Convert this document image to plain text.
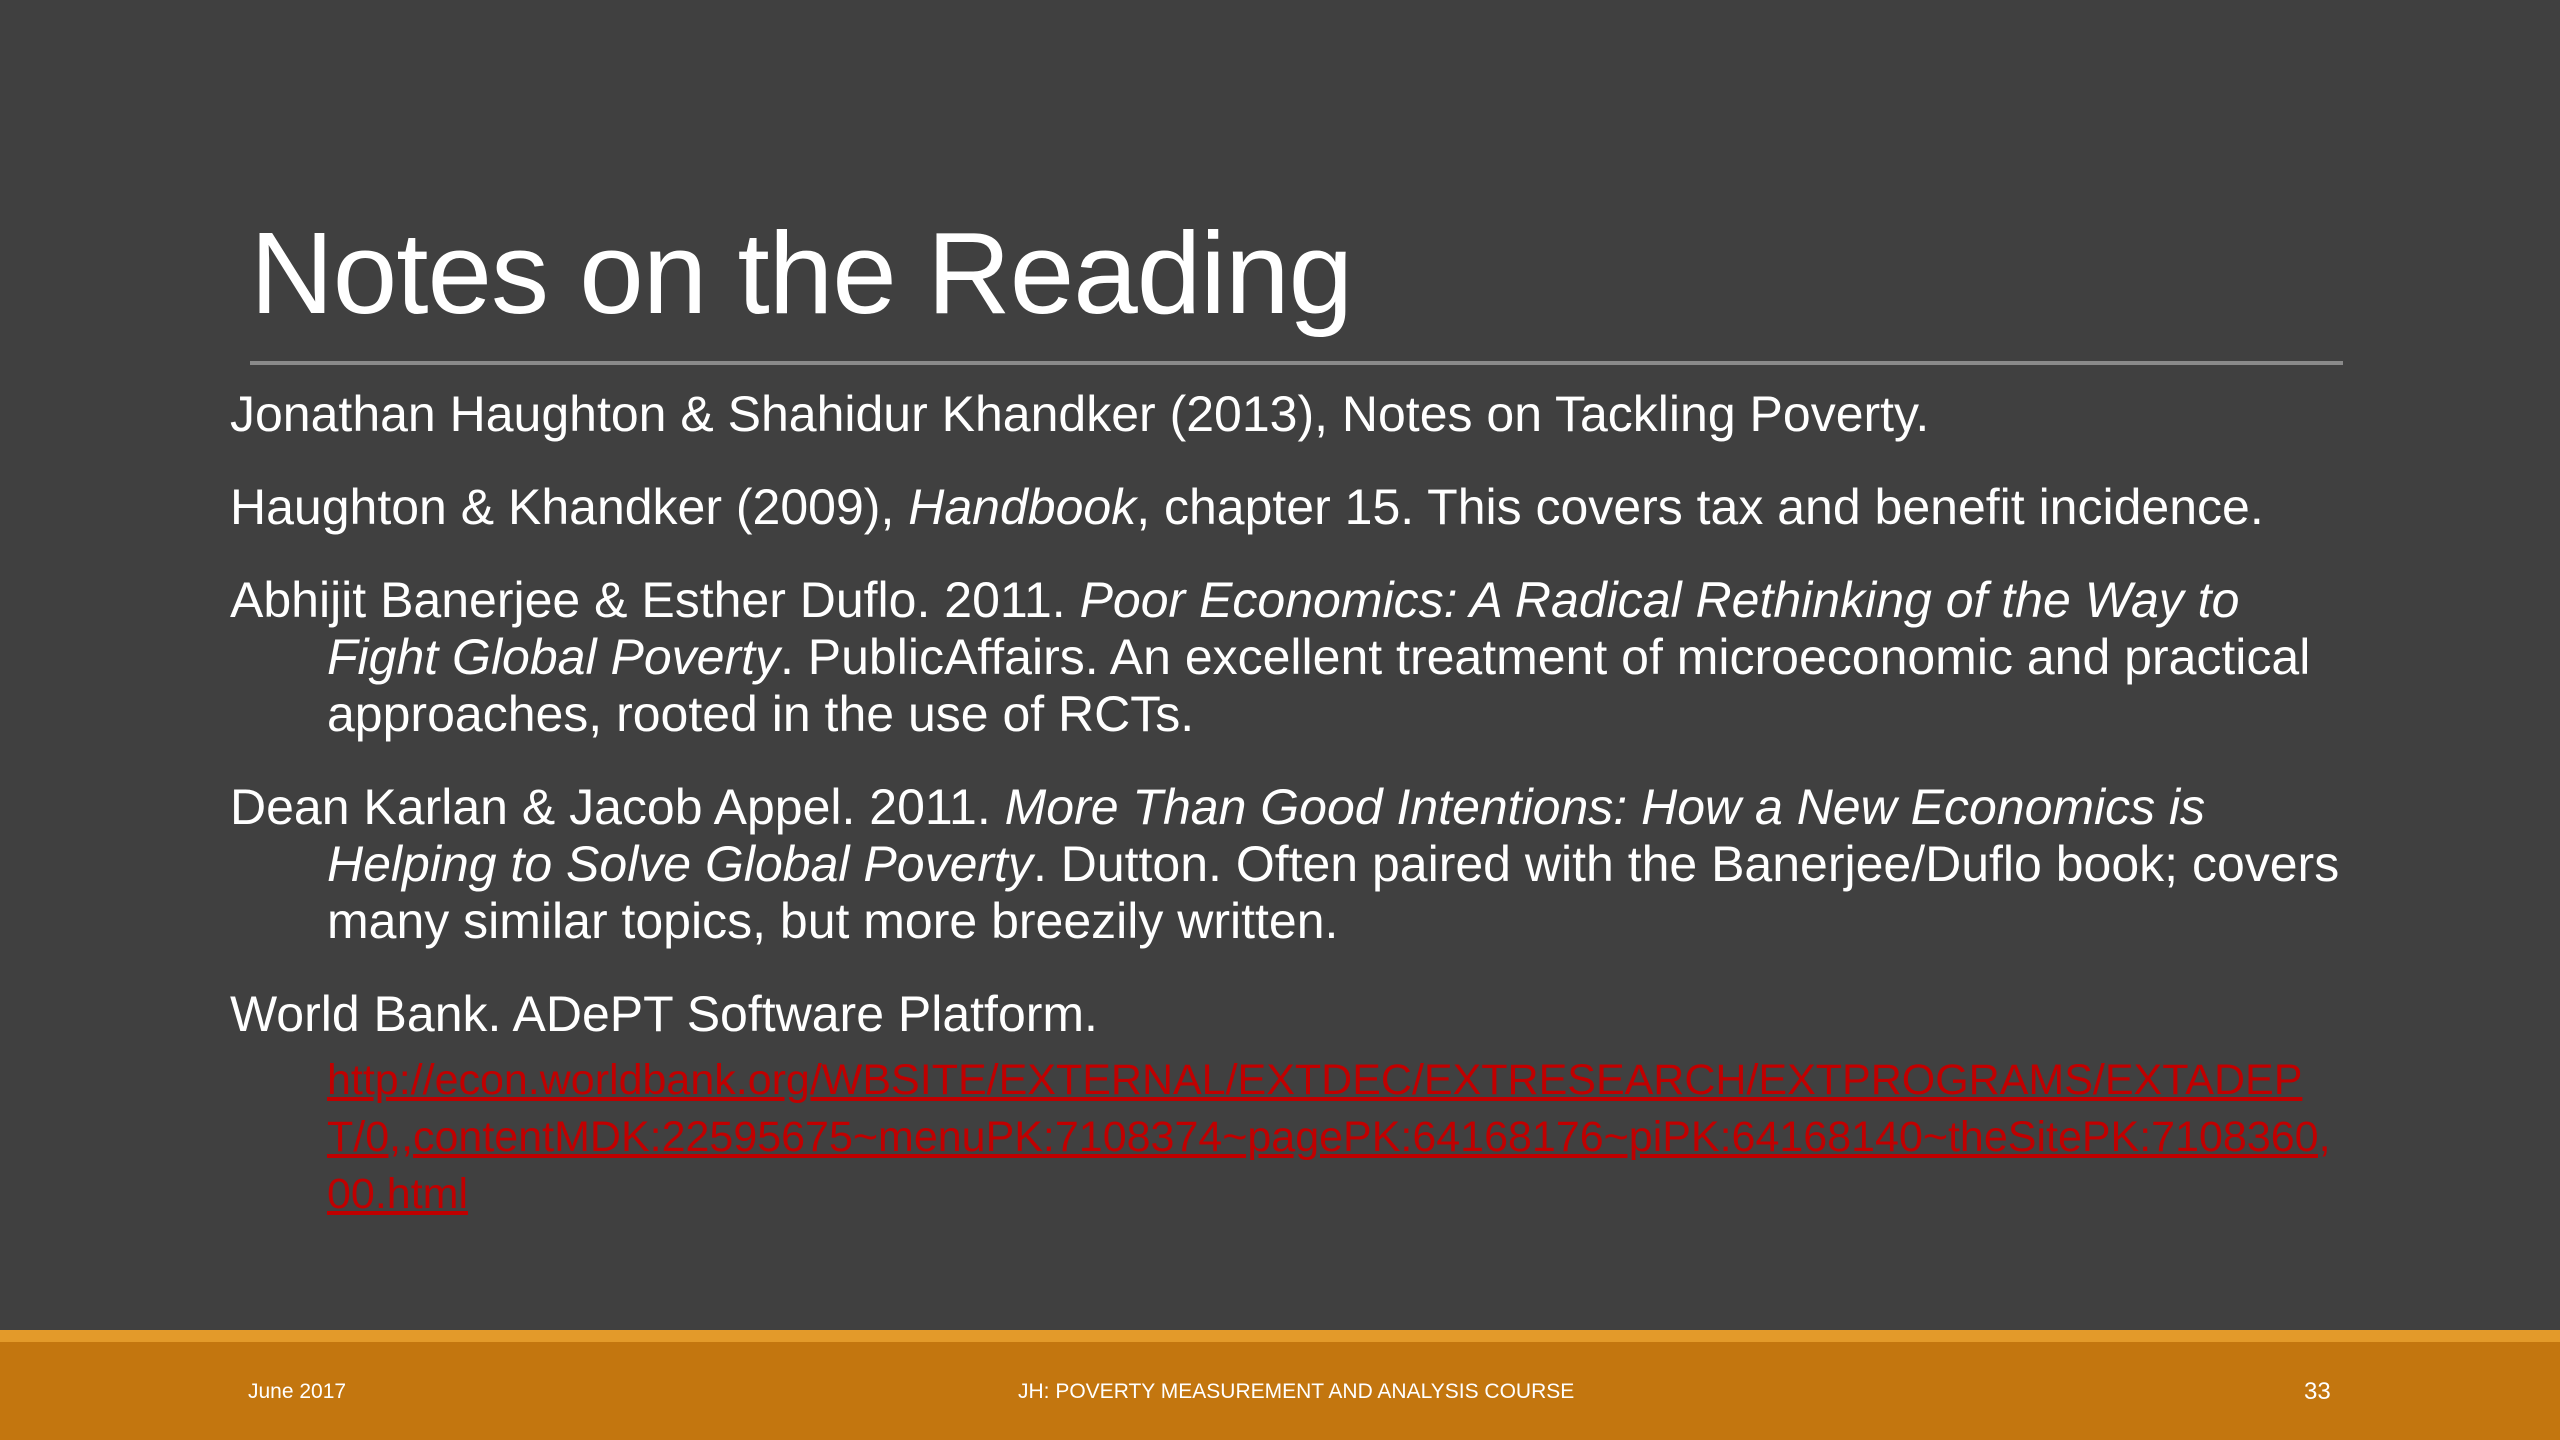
Notes on the Reading

Jonathan Haughton & Shahidur Khandker (2013), Notes on Tackling Poverty.

Haughton & Khandker (2009), Handbook, chapter 15. This covers tax and benefit incidence.

Abhijit Banerjee & Esther Duflo. 2011. Poor Economics: A Radical Rethinking of the Way to Fight Global Poverty. PublicAffairs. An excellent treatment of microeconomic and practical approaches, rooted in the use of RCTs.

Dean Karlan & Jacob Appel. 2011. More Than Good Intentions: How a New Economics is Helping to Solve Global Poverty. Dutton. Often paired with the Banerjee/Duflo book; covers many similar topics, but more breezily written.

World Bank. ADePT Software Platform.
http://econ.worldbank.org/WBSITE/EXTERNAL/EXTDEC/EXTRESEARCH/EXTPROGRAMS/EXTADEPT/0,,contentMDK:22595675~menuPK:7108374~pagePK:64168176~piPK:64168140~theSitePK:7108360,00.html
June 2017	JH: POVERTY MEASUREMENT AND ANALYSIS COURSE	33
